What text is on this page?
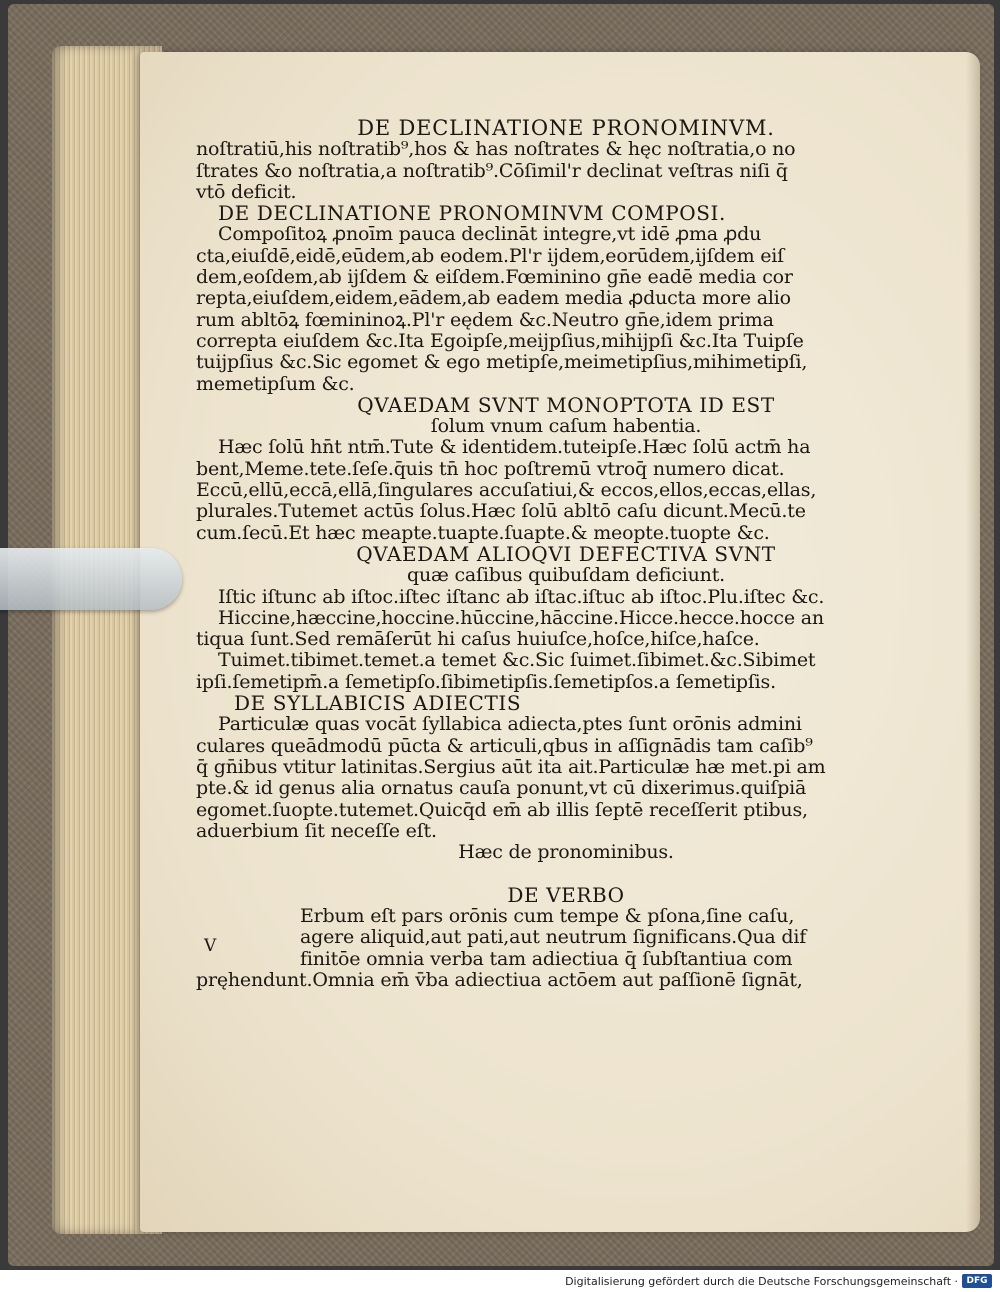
DE DECLINATIONE PRONOMINVM.
noſtratiū,his noſtratib⁹,hos & has noſtrates & hęc noſtratia,o no
ſtrates &o noſtratia,a noſtratib⁹.Cōſimil'r declinat̄ veſtras niſi q̄
vtō deficit.
DE DECLINATIONE PRONOMINVM COMPOSI.
Compoſitoꝝ ꝓnoīm pauca declināt̄ integre,vt idē ꝓma ꝓdu
cta,eiuſdē,eidē,eūdem,ab eodem.Pl'r ijdem,eorūdem,ijſdem eiſ
dem,eoſdem,ab ijſdem & eiſdem.Fœminino gn̄e eadē media cor
repta,eiuſdem,eidem,eādem,ab eadem media ꝓducta more alio
rum abltōꝝ fœmininoꝝ.Pl'r eędem &c.Neutro gn̄e,idem prima
correpta eiuſdem &c.Ita Egoipſe,meijpſius,mihijpſi &c.Ita Tuipſe
tuijpſius &c.Sic egomet & ego metipſe,meimetipſius,mihimetipſi,
memetipſum &c.
QVAEDAM SVNT MONOPTOTA ID EST
ſolum vnum caſum habentia.
Hæc ſolū hn̄t ntm̄.Tute & identidem.tuteipſe.Hæc ſolū actm̄ ha
bent,Meme.tete.ſeſe.q̄uis tn̄ hoc poſtremū vtroq̄ numero dicat̄.
Eccū,ellū,eccā,ellā,ſingulares accuſatiui,& eccos,ellos,eccas,ellas,
plurales.Tutemet actūs ſolus.Hæc ſolū abltō caſu dicunt̄.Mecū.te
cum.ſecū.Et hæc meapte.tuapte.ſuapte.& meopte.tuopte &c.
QVAEDAM ALIOQVI DEFECTIVA SVNT
quæ caſibus quibuſdam deficiunt.
Iſtic iſtunc ab iſtoc.iſtec iſtanc ab iſtac.iſtuc ab iſtoc.Plu.iſtec &c.
Hiccine,hæccine,hoccine.hūccine,hāccine.Hicce.hecce.hocce an
tiqua ſunt.Sed remāſerūt hi caſus huiuſce,hoſce,hiſce,haſce.
Tuimet.tibimet.temet.a temet &c.Sic ſuimet.ſibimet.&c.Sibimet
ipſi.ſemetipm̄.a ſemetipſo.ſibimetipſis.ſemetipſos.a ſemetipſis.
DE SYLLABICIS ADIECTIS
Particulæ quas vocāt ſyllabica adiecta,ptes ſunt orōnis admini
culares queādmodū pūcta & articuli,qbus in aſſignādis tam caſib⁹
q̄ gn̄ibus vtitur latinitas.Sergius aūt ita ait.Particulæ hæ met.pi am
pte.& id genus alia ornatus cauſa ponunt̄,vt cū dixerimus.quiſpiā
egomet.ſuopte.tutemet.Quicq̄d em̄ ab illis ſeptē receſſerit ptibus,
aduerbium ſit neceſſe eſt.
Hæc de pronominibus.
DE VERBO
V
Erbum eſt pars orōnis cum tempe & pſona,ſine caſu,
agere aliquid,aut pati,aut neutrum ſignificans.Qua dif
finitōe omnia verba tam adiectiua q̄ ſubſtantiua com
pręhendunt̄.Omnia em̄ v̄ba adiectiua actōem aut paſſionē ſignāt,
Digitalisierung gefördert durch die Deutsche Forschungsgemeinschaft · DFG
